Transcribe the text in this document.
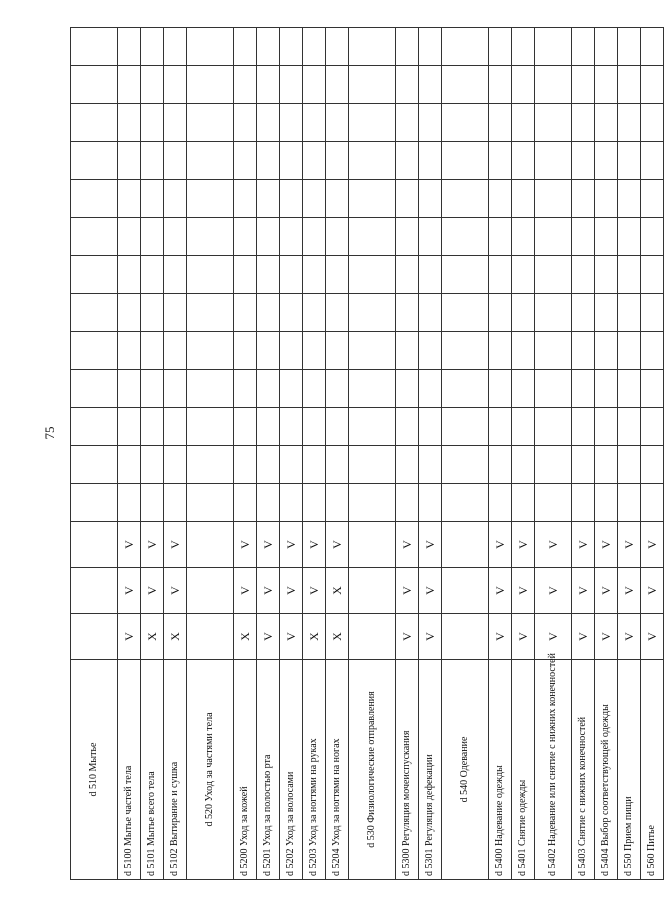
75
d 510 Мытье																
d 5100 Мытье частей тела	V	V	V													
d 5101 Мытье всего тела	X	V	V													
d 5102 Вытирание и сушка	X	V	V													
d 520 Уход за частями тела																
d 5200 Уход за кожей	X	V	V													
d 5201 Уход за полостью рта	V	V	V													
d 5202 Уход за волосами	V	V	V													
d 5203 Уход за ногтями на руках	X	V	V													
d 5204 Уход за ногтями на ногах	X	X	V													
d 530 Физиологические отправления																
d 5300 Регуляция мочеиспускания	V	V	V													
d 5301 Регуляция дефекации	V	V	V													
d 540 Одевание																
d 5400 Надевание одежды	V	V	V													
d 5401 Снятие одежды	V	V	V													
d 5402 Надевание или снятие с нижних конечностей	V	V	V													
d 5403 Снятие с нижних конечностей	V	V	V													
d 5404 Выбор соответствующей одежды	V	V	V													
d 550 Прием пищи	V	V	V													
d 560 Питье	V	V	V													
